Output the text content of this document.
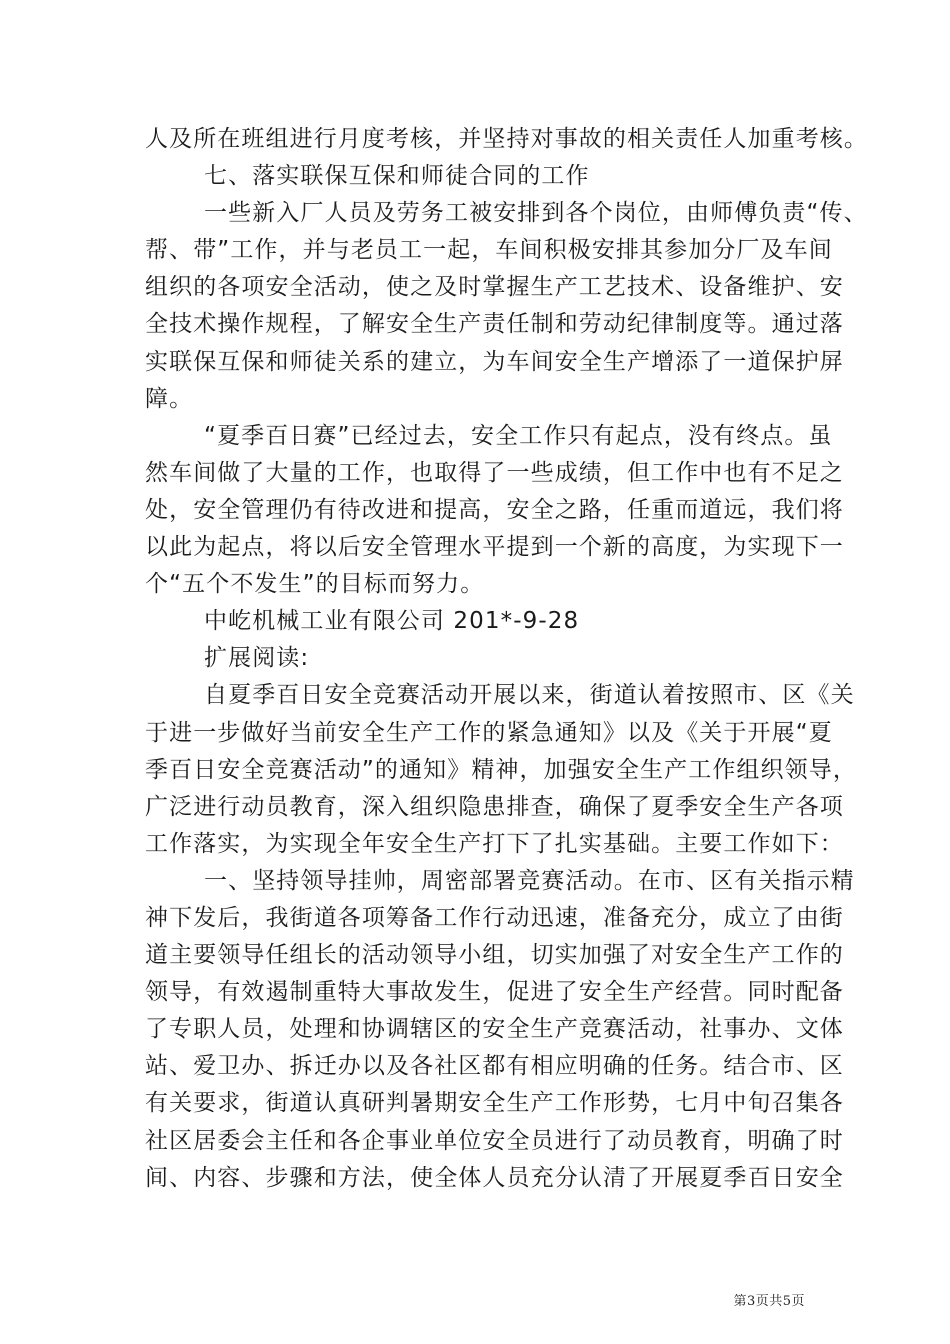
人及所在班组进行月度考核，并坚持对事故的相关责任人加重考核。
七、落实联保互保和师徒合同的工作
一些新入厂人员及劳务工被安排到各个岗位，由师傅负责“传、
帮、带”工作，并与老员工一起，车间积极安排其参加分厂及车间
组织的各项安全活动，使之及时掌握生产工艺技术、设备维护、安
全技术操作规程，了解安全生产责任制和劳动纪律制度等。通过落
实联保互保和师徒关系的建立，为车间安全生产增添了一道保护屏
障。
“夏季百日赛”已经过去，安全工作只有起点，没有终点。虽
然车间做了大量的工作，也取得了一些成绩，但工作中也有不足之
处，安全管理仍有待改进和提高，安全之路，任重而道远，我们将
以此为起点，将以后安全管理水平提到一个新的高度，为实现下一
个“五个不发生”的目标而努力。
中屹机械工业有限公司 201*-9-28
扩展阅读:
自夏季百日安全竞赛活动开展以来，街道认着按照市、区《关
于进一步做好当前安全生产工作的紧急通知》以及《关于开展“夏
季百日安全竞赛活动”的通知》精神，加强安全生产工作组织领导，
广泛进行动员教育，深入组织隐患排查，确保了夏季安全生产各项
工作落实，为实现全年安全生产打下了扎实基础。主要工作如下：
一、坚持领导挂帅，周密部署竞赛活动。在市、区有关指示精
神下发后，我街道各项筹备工作行动迅速，准备充分，成立了由街
道主要领导任组长的活动领导小组，切实加强了对安全生产工作的
领导，有效遏制重特大事故发生，促进了安全生产经营。同时配备
了专职人员，处理和协调辖区的安全生产竞赛活动，社事办、文体
站、爱卫办、拆迁办以及各社区都有相应明确的任务。结合市、区
有关要求，街道认真研判暑期安全生产工作形势，七月中旬召集各
社区居委会主任和各企事业单位安全员进行了动员教育，明确了时
间、内容、步骤和方法，使全体人员充分认清了开展夏季百日安全
第3页共5页
